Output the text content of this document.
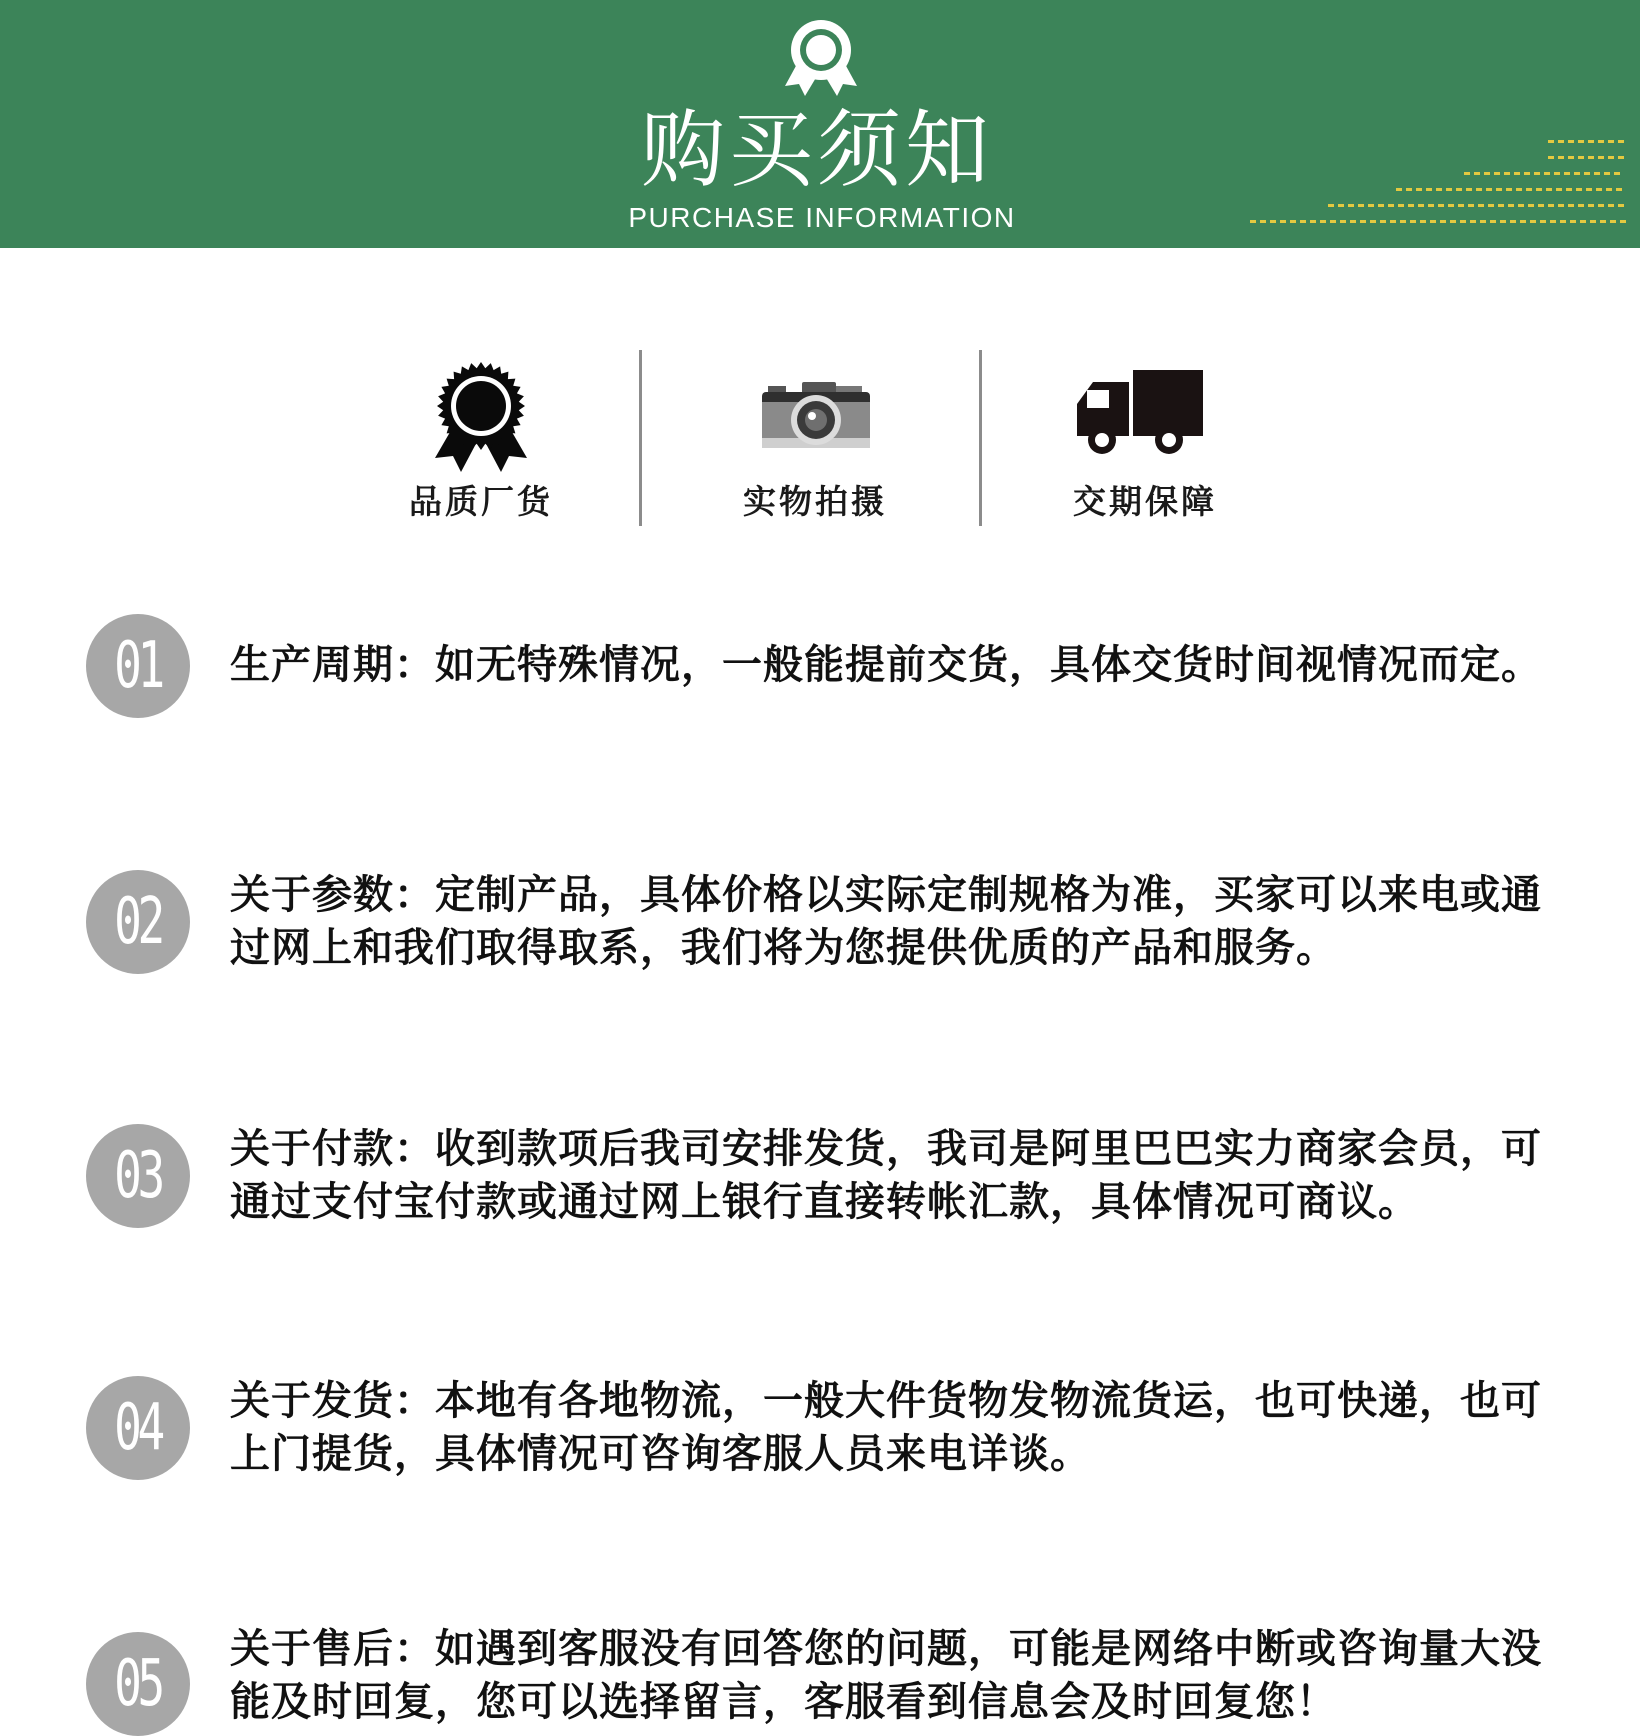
购买须知
PURCHASE INFORMATION
品质厂货	实物拍摄	交期保障
01	生产周期：如无特殊情况，一般能提前交货，具体交货时间视情况而定。

02	关于参数：定制产品，具体价格以实际定制规格为准，买家可以来电或通过网上和我们取得取系，我们将为您提供优质的产品和服务。

03	关于付款：收到款项后我司安排发货，我司是阿里巴巴实力商家会员，可通过支付宝付款或通过网上银行直接转帐汇款，具体情况可商议。

04	关于发货：本地有各地物流，一般大件货物发物流货运，也可快递，也可上门提货，具体情况可咨询客服人员来电详谈。

05	关于售后：如遇到客服没有回答您的问题，可能是网络中断或咨询量大没能及时回复，您可以选择留言，客服看到信息会及时回复您！
